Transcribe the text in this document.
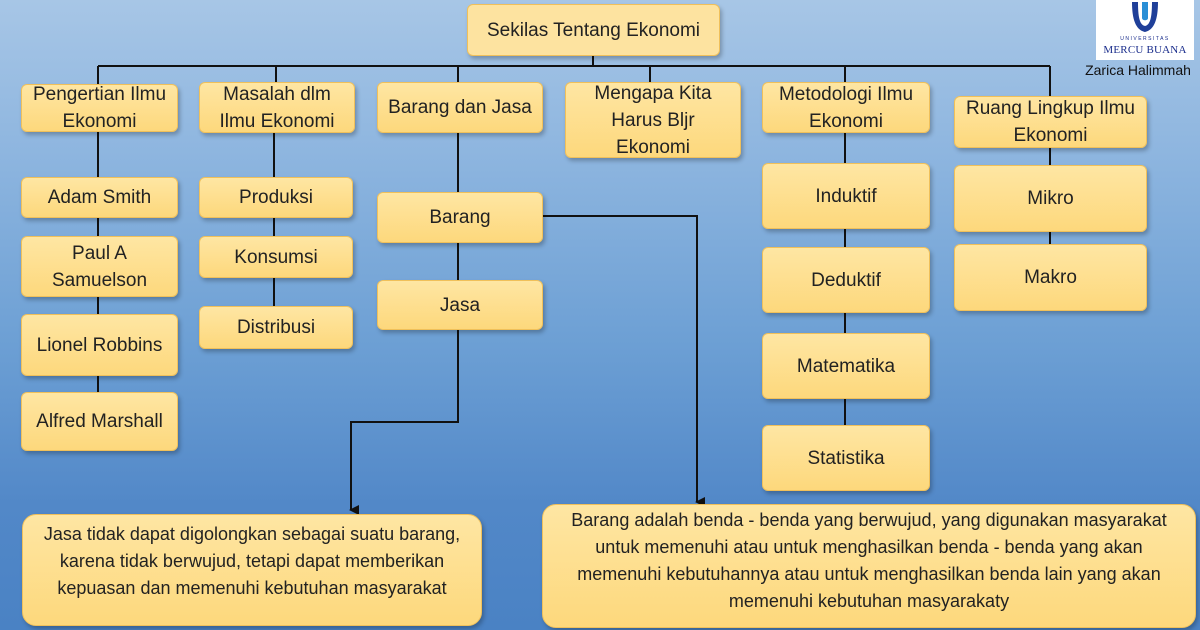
UNIVERSITAS
MERCU BUANA
Zarica Halimmah
Sekilas Tentang Ekonomi
Pengertian Ilmu Ekonomi
Masalah dlm Ilmu Ekonomi
Barang dan Jasa
Mengapa Kita Harus Bljr Ekonomi
Metodologi Ilmu Ekonomi
Ruang Lingkup Ilmu Ekonomi
Adam Smith
Paul A Samuelson
Lionel Robbins
Alfred Marshall
Produksi
Konsumsi
Distribusi
Barang
Jasa
Induktif
Deduktif
Matematika
Statistika
Mikro
Makro
Jasa tidak dapat digolongkan sebagai suatu barang, karena tidak berwujud, tetapi dapat memberikan kepuasan dan memenuhi kebutuhan masyarakat
Barang adalah benda - benda yang berwujud, yang digunakan masyarakat untuk memenuhi atau untuk menghasilkan benda - benda yang akan memenuhi kebutuhannya atau untuk menghasilkan benda lain yang akan memenuhi kebutuhan masyarakaty
